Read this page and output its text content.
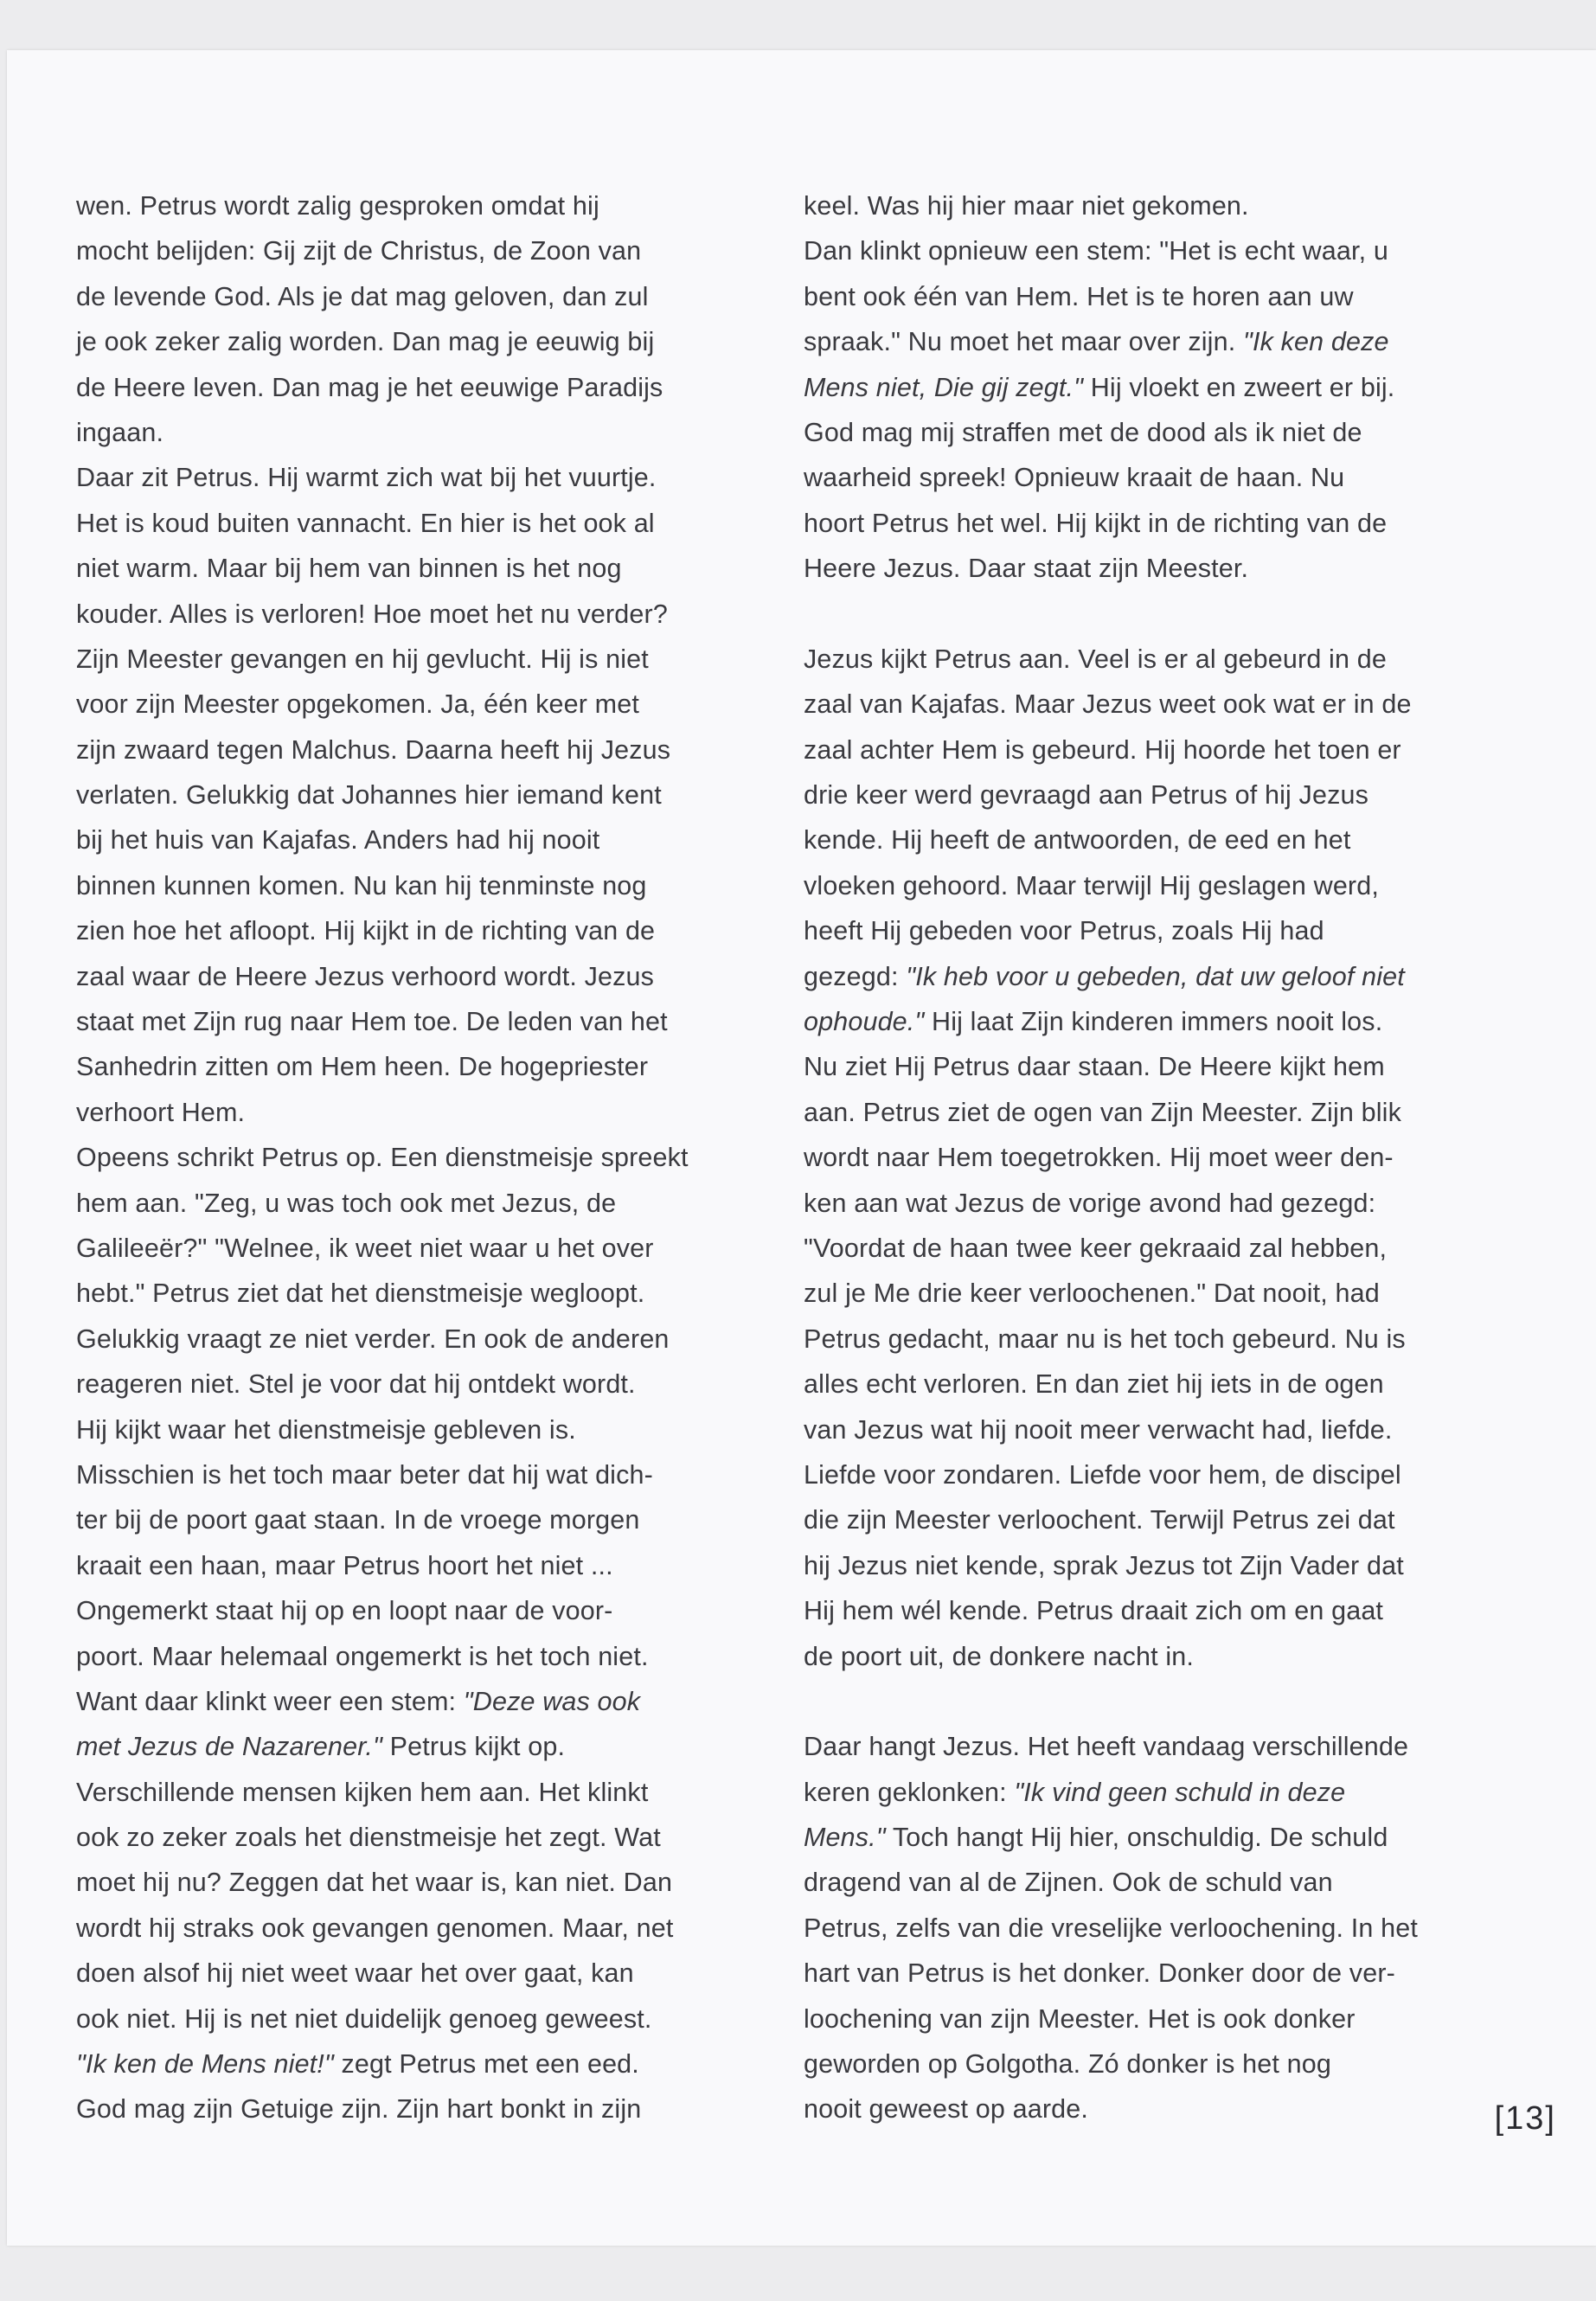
wen. Petrus wordt zalig gesproken omdat hij
mocht belijden: Gij zijt de Christus, de Zoon van
de levende God. Als je dat mag geloven, dan zul
je ook zeker zalig worden. Dan mag je eeuwig bij
de Heere leven. Dan mag je het eeuwige Paradijs
ingaan.
Daar zit Petrus. Hij warmt zich wat bij het vuurtje.
Het is koud buiten vannacht. En hier is het ook al
niet warm. Maar bij hem van binnen is het nog
kouder. Alles is verloren! Hoe moet het nu verder?
Zijn Meester gevangen en hij gevlucht. Hij is niet
voor zijn Meester opgekomen. Ja, één keer met
zijn zwaard tegen Malchus. Daarna heeft hij Jezus
verlaten. Gelukkig dat Johannes hier iemand kent
bij het huis van Kajafas. Anders had hij nooit
binnen kunnen komen. Nu kan hij tenminste nog
zien hoe het afloopt. Hij kijkt in de richting van de
zaal waar de Heere Jezus verhoord wordt. Jezus
staat met Zijn rug naar Hem toe. De leden van het
Sanhedrin zitten om Hem heen. De hogepriester
verhoort Hem.
Opeens schrikt Petrus op. Een dienstmeisje spreekt
hem aan. "Zeg, u was toch ook met Jezus, de
Galileeër?" "Welnee, ik weet niet waar u het over
hebt." Petrus ziet dat het dienstmeisje wegloopt.
Gelukkig vraagt ze niet verder. En ook de anderen
reageren niet. Stel je voor dat hij ontdekt wordt.
Hij kijkt waar het dienstmeisje gebleven is.
Misschien is het toch maar beter dat hij wat dich-
ter bij de poort gaat staan. In de vroege morgen
kraait een haan, maar Petrus hoort het niet ...
Ongemerkt staat hij op en loopt naar de voor-
poort. Maar helemaal ongemerkt is het toch niet.
Want daar klinkt weer een stem: "Deze was ook
met Jezus de Nazarener." Petrus kijkt op.
Verschillende mensen kijken hem aan. Het klinkt
ook zo zeker zoals het dienstmeisje het zegt. Wat
moet hij nu? Zeggen dat het waar is, kan niet. Dan
wordt hij straks ook gevangen genomen. Maar, net
doen alsof hij niet weet waar het over gaat, kan
ook niet. Hij is net niet duidelijk genoeg geweest.
"Ik ken de Mens niet!" zegt Petrus met een eed.
God mag zijn Getuige zijn. Zijn hart bonkt in zijn
keel. Was hij hier maar niet gekomen.
Dan klinkt opnieuw een stem: "Het is echt waar, u
bent ook één van Hem. Het is te horen aan uw
spraak." Nu moet het maar over zijn. "Ik ken deze
Mens niet, Die gij zegt." Hij vloekt en zweert er bij.
God mag mij straffen met de dood als ik niet de
waarheid spreek! Opnieuw kraait de haan. Nu
hoort Petrus het wel. Hij kijkt in de richting van de
Heere Jezus. Daar staat zijn Meester.
Jezus kijkt Petrus aan. Veel is er al gebeurd in de
zaal van Kajafas. Maar Jezus weet ook wat er in de
zaal achter Hem is gebeurd. Hij hoorde het toen er
drie keer werd gevraagd aan Petrus of hij Jezus
kende. Hij heeft de antwoorden, de eed en het
vloeken gehoord. Maar terwijl Hij geslagen werd,
heeft Hij gebeden voor Petrus, zoals Hij had
gezegd: "Ik heb voor u gebeden, dat uw geloof niet
ophoude." Hij laat Zijn kinderen immers nooit los.
Nu ziet Hij Petrus daar staan. De Heere kijkt hem
aan. Petrus ziet de ogen van Zijn Meester. Zijn blik
wordt naar Hem toegetrokken. Hij moet weer den-
ken aan wat Jezus de vorige avond had gezegd:
"Voordat de haan twee keer gekraaid zal hebben,
zul je Me drie keer verloochenen." Dat nooit, had
Petrus gedacht, maar nu is het toch gebeurd. Nu is
alles echt verloren. En dan ziet hij iets in de ogen
van Jezus wat hij nooit meer verwacht had, liefde.
Liefde voor zondaren. Liefde voor hem, de discipel
die zijn Meester verloochent. Terwijl Petrus zei dat
hij Jezus niet kende, sprak Jezus tot Zijn Vader dat
Hij hem wél kende. Petrus draait zich om en gaat
de poort uit, de donkere nacht in.
Daar hangt Jezus. Het heeft vandaag verschillende
keren geklonken: "Ik vind geen schuld in deze
Mens." Toch hangt Hij hier, onschuldig. De schuld
dragend van al de Zijnen. Ook de schuld van
Petrus, zelfs van die vreselijke verloochening. In het
hart van Petrus is het donker. Donker door de ver-
loochening van zijn Meester. Het is ook donker
geworden op Golgotha. Zó donker is het nog
nooit geweest op aarde.	[13]
